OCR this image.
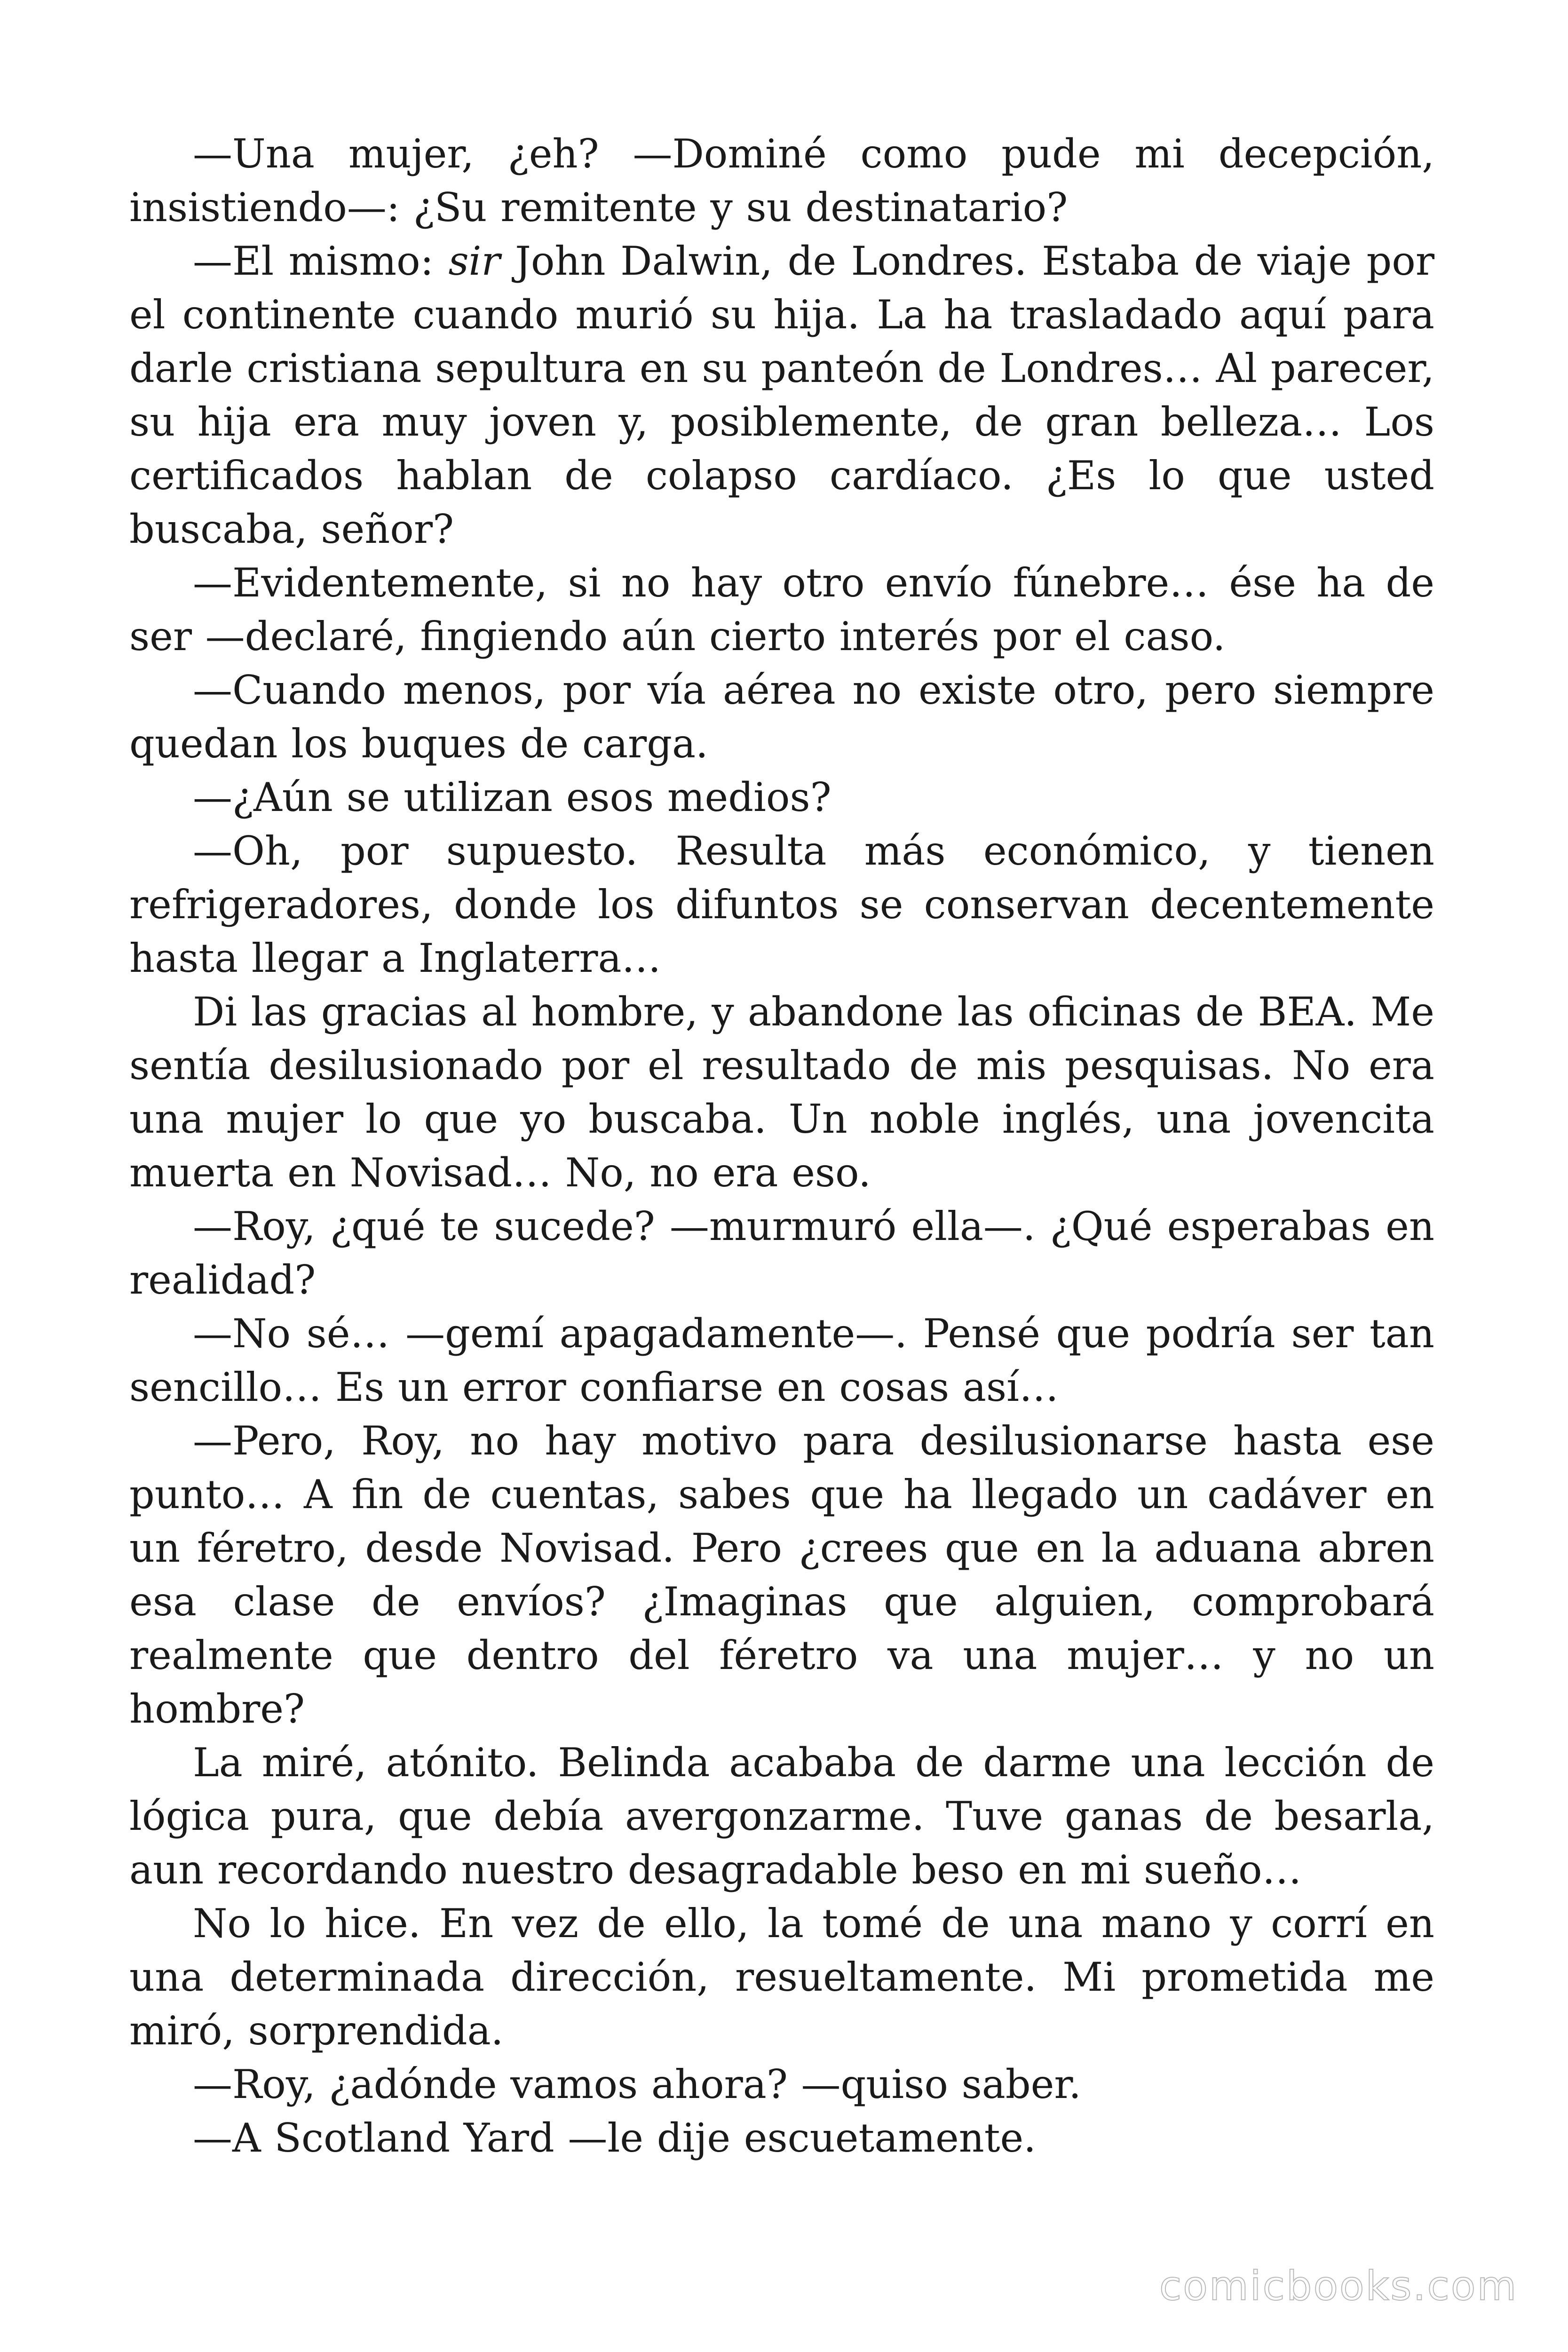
—Una mujer, ¿eh? —Dominé como pude mi decepción, insistiendo—: ¿Su remitente y su destinatario?

—El mismo: sir John Dalwin, de Londres. Estaba de viaje por el continente cuando murió su hija. La ha trasladado aquí para darle cristiana sepultura en su panteón de Londres… Al parecer, su hija era muy joven y, posiblemente, de gran belleza… Los certificados hablan de colapso cardíaco. ¿Es lo que usted buscaba, señor?

—Evidentemente, si no hay otro envío fúnebre… ése ha de ser —declaré, fingiendo aún cierto interés por el caso.

—Cuando menos, por vía aérea no existe otro, pero siempre quedan los buques de carga.

—¿Aún se utilizan esos medios?

—Oh, por supuesto. Resulta más económico, y tienen refrigeradores, donde los difuntos se conservan decentemente hasta llegar a Inglaterra…

Di las gracias al hombre, y abandone las oficinas de BEA. Me sentía desilusionado por el resultado de mis pesquisas. No era una mujer lo que yo buscaba. Un noble inglés, una jovencita muerta en Novisad… No, no era eso.

—Roy, ¿qué te sucede? —murmuró ella—. ¿Qué esperabas en realidad?

—No sé… —gemí apagadamente—. Pensé que podría ser tan sencillo… Es un error confiarse en cosas así…

—Pero, Roy, no hay motivo para desilusionarse hasta ese punto… A fin de cuentas, sabes que ha llegado un cadáver en un féretro, desde Novisad. Pero ¿crees que en la aduana abren esa clase de envíos? ¿Imaginas que alguien, comprobará realmente que dentro del féretro va una mujer… y no un hombre?

La miré, atónito. Belinda acababa de darme una lección de lógica pura, que debía avergonzarme. Tuve ganas de besarla, aun recordando nuestro desagradable beso en mi sueño…

No lo hice. En vez de ello, la tomé de una mano y corrí en una determinada dirección, resueltamente. Mi prometida me miró, sorprendida.

—Roy, ¿adónde vamos ahora? —quiso saber.

—A Scotland Yard —le dije escuetamente.

comicbooks.com
